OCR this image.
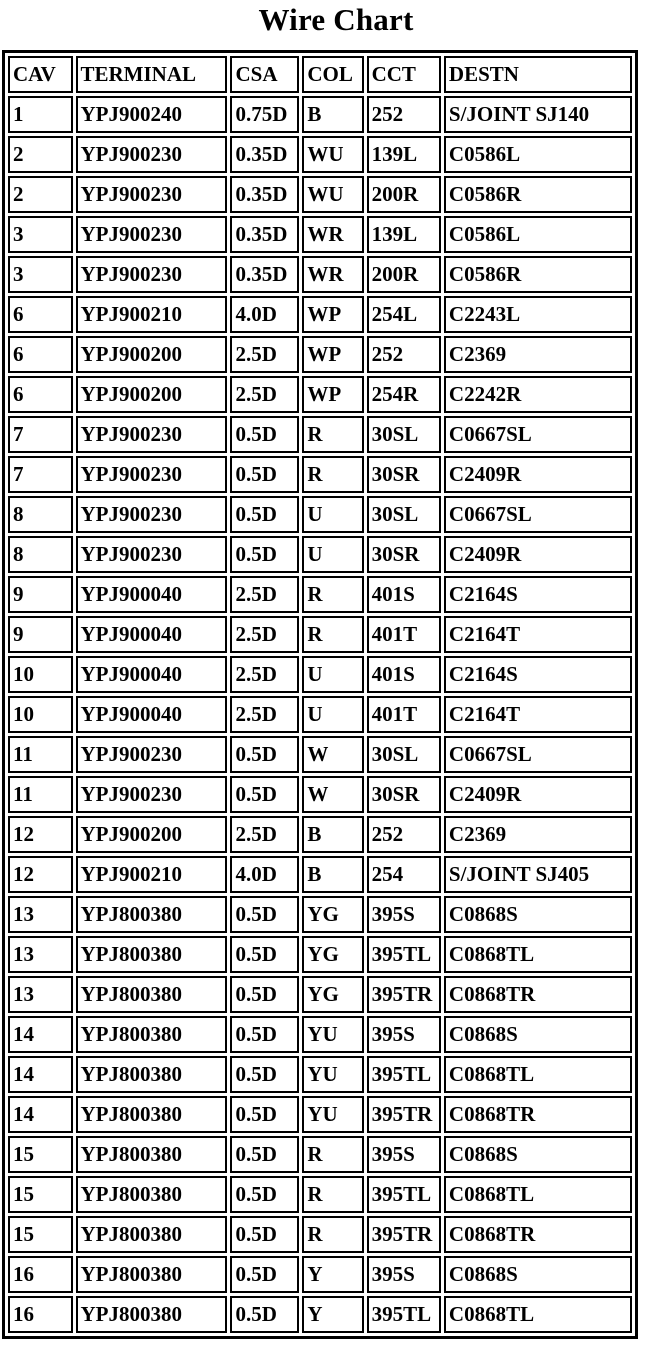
Wire Chart
CAV	TERMINAL	CSA	COL	CCT	DESTN
1	YPJ900240	0.75D	B	252	S/JOINT SJ140
2	YPJ900230	0.35D	WU	139L	C0586L
2	YPJ900230	0.35D	WU	200R	C0586R
3	YPJ900230	0.35D	WR	139L	C0586L
3	YPJ900230	0.35D	WR	200R	C0586R
6	YPJ900210	4.0D	WP	254L	C2243L
6	YPJ900200	2.5D	WP	252	C2369
6	YPJ900200	2.5D	WP	254R	C2242R
7	YPJ900230	0.5D	R	30SL	C0667SL
7	YPJ900230	0.5D	R	30SR	C2409R
8	YPJ900230	0.5D	U	30SL	C0667SL
8	YPJ900230	0.5D	U	30SR	C2409R
9	YPJ900040	2.5D	R	401S	C2164S
9	YPJ900040	2.5D	R	401T	C2164T
10	YPJ900040	2.5D	U	401S	C2164S
10	YPJ900040	2.5D	U	401T	C2164T
11	YPJ900230	0.5D	W	30SL	C0667SL
11	YPJ900230	0.5D	W	30SR	C2409R
12	YPJ900200	2.5D	B	252	C2369
12	YPJ900210	4.0D	B	254	S/JOINT SJ405
13	YPJ800380	0.5D	YG	395S	C0868S
13	YPJ800380	0.5D	YG	395TL	C0868TL
13	YPJ800380	0.5D	YG	395TR	C0868TR
14	YPJ800380	0.5D	YU	395S	C0868S
14	YPJ800380	0.5D	YU	395TL	C0868TL
14	YPJ800380	0.5D	YU	395TR	C0868TR
15	YPJ800380	0.5D	R	395S	C0868S
15	YPJ800380	0.5D	R	395TL	C0868TL
15	YPJ800380	0.5D	R	395TR	C0868TR
16	YPJ800380	0.5D	Y	395S	C0868S
16	YPJ800380	0.5D	Y	395TL	C0868TL
